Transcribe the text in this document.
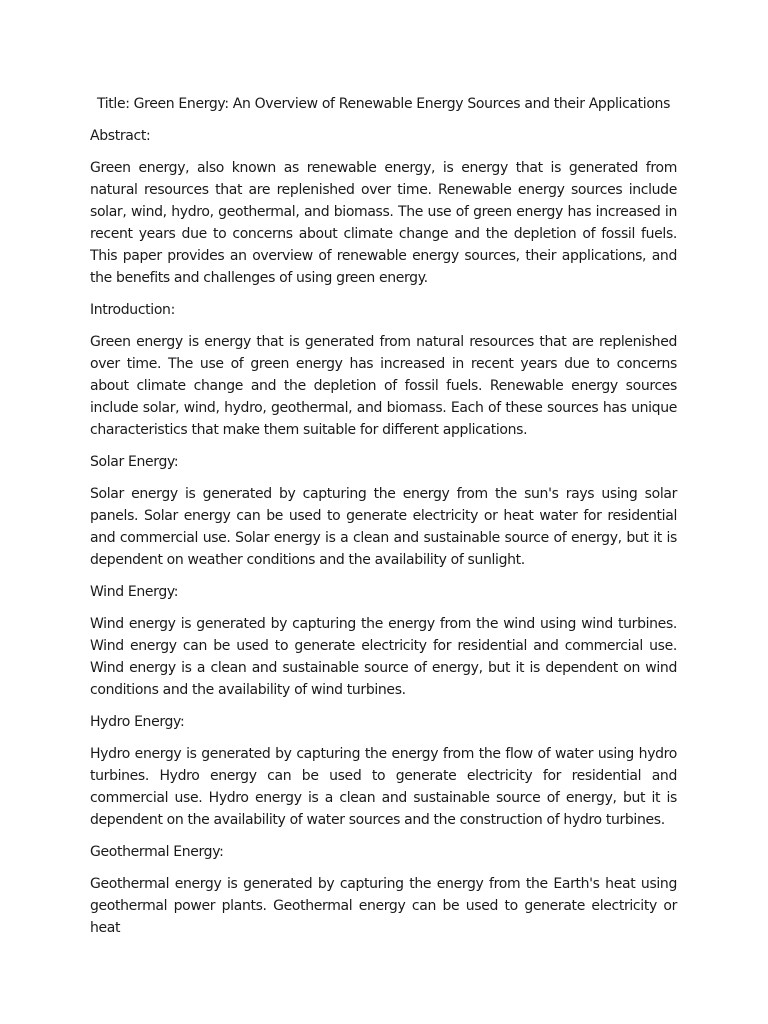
Title: Green Energy: An Overview of Renewable Energy Sources and their Applications
Abstract:
Green energy, also known as renewable energy, is energy that is generated from natural resources that are replenished over time. Renewable energy sources include solar, wind, hydro, geothermal, and biomass. The use of green energy has increased in recent years due to concerns about climate change and the depletion of fossil fuels. This paper provides an overview of renewable energy sources, their applications, and the benefits and challenges of using green energy.
Introduction:
Green energy is energy that is generated from natural resources that are replenished over time. The use of green energy has increased in recent years due to concerns about climate change and the depletion of fossil fuels. Renewable energy sources include solar, wind, hydro, geothermal, and biomass. Each of these sources has unique characteristics that make them suitable for different applications.
Solar Energy:
Solar energy is generated by capturing the energy from the sun's rays using solar panels. Solar energy can be used to generate electricity or heat water for residential and commercial use. Solar energy is a clean and sustainable source of energy, but it is dependent on weather conditions and the availability of sunlight.
Wind Energy:
Wind energy is generated by capturing the energy from the wind using wind turbines. Wind energy can be used to generate electricity for residential and commercial use. Wind energy is a clean and sustainable source of energy, but it is dependent on wind conditions and the availability of wind turbines.
Hydro Energy:
Hydro energy is generated by capturing the energy from the flow of water using hydro turbines. Hydro energy can be used to generate electricity for residential and commercial use. Hydro energy is a clean and sustainable source of energy, but it is dependent on the availability of water sources and the construction of hydro turbines.
Geothermal Energy:
Geothermal energy is generated by capturing the energy from the Earth's heat using geothermal power plants. Geothermal energy can be used to generate electricity or heat
